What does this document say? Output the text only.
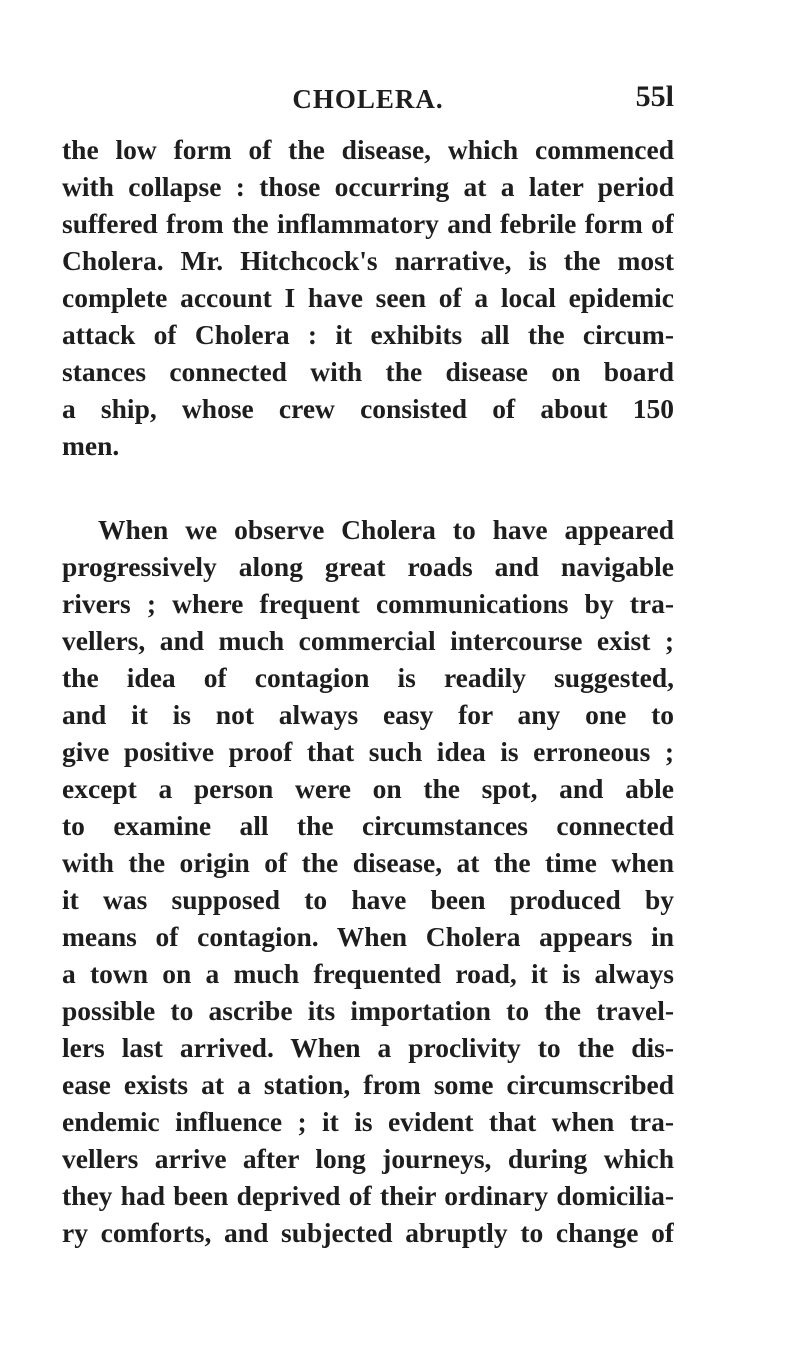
CHOLERA.	55l
the low form of the disease, which commenced
with collapse : those occurring at a later period
suffered from the inflammatory and febrile form of
Cholera. Mr. Hitchcock's narrative, is the most
complete account I have seen of a local epidemic
attack of Cholera : it exhibits all the circum-
stances connected with the disease on board
a ship, whose crew consisted of about 150
men.
When we observe Cholera to have appeared
progressively along great roads and navigable
rivers ; where frequent communications by tra-
vellers, and much commercial intercourse exist ;
the idea of contagion is readily suggested,
and it is not always easy for any one to
give positive proof that such idea is erroneous ;
except a person were on the spot, and able
to examine all the circumstances connected
with the origin of the disease, at the time when
it was supposed to have been produced by
means of contagion. When Cholera appears in
a town on a much frequented road, it is always
possible to ascribe its importation to the travel-
lers last arrived. When a proclivity to the dis-
ease exists at a station, from some circumscribed
endemic influence ; it is evident that when tra-
vellers arrive after long journeys, during which
they had been deprived of their ordinary domicilia-
ry comforts, and subjected abruptly to change of
